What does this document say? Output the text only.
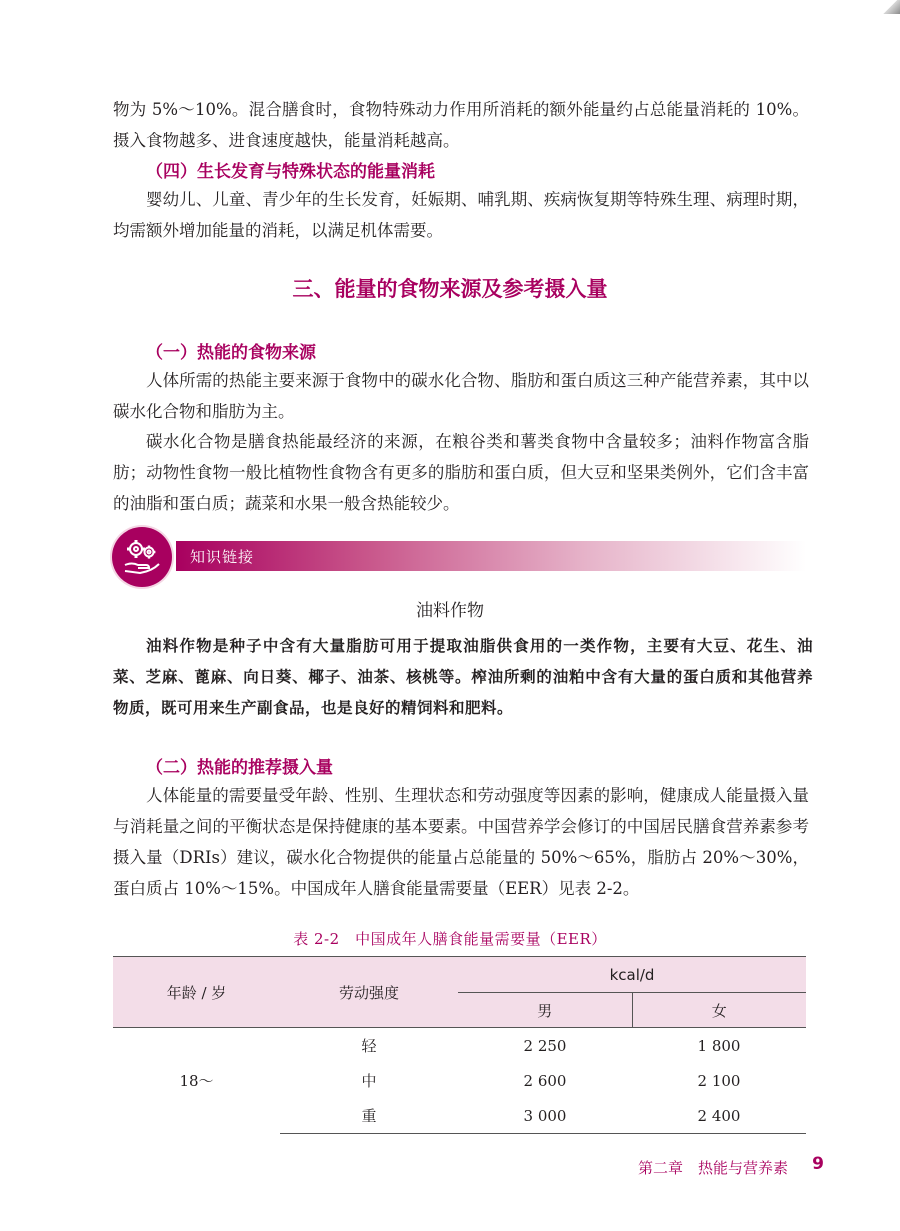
物为 5%～10%。混合膳食时，食物特殊动力作用所消耗的额外能量约占总能量消耗的 10%。摄入食物越多、进食速度越快，能量消耗越高。

（四）生长发育与特殊状态的能量消耗

婴幼儿、儿童、青少年的生长发育，妊娠期、哺乳期、疾病恢复期等特殊生理、病理时期，均需额外增加能量的消耗，以满足机体需要。

三、能量的食物来源及参考摄入量

（一）热能的食物来源

人体所需的热能主要来源于食物中的碳水化合物、脂肪和蛋白质这三种产能营养素，其中以碳水化合物和脂肪为主。

碳水化合物是膳食热能最经济的来源，在粮谷类和薯类食物中含量较多；油料作物富含脂肪；动物性食物一般比植物性食物含有更多的脂肪和蛋白质，但大豆和坚果类例外，它们含丰富的油脂和蛋白质；蔬菜和水果一般含热能较少。

知识链接

油料作物

油料作物是种子中含有大量脂肪可用于提取油脂供食用的一类作物，主要有大豆、花生、油菜、芝麻、蓖麻、向日葵、椰子、油茶、核桃等。榨油所剩的油粕中含有大量的蛋白质和其他营养物质，既可用来生产副食品，也是良好的精饲料和肥料。

（二）热能的推荐摄入量

人体能量的需要量受年龄、性别、生理状态和劳动强度等因素的影响，健康成人能量摄入量与消耗量之间的平衡状态是保持健康的基本要素。中国营养学会修订的中国居民膳食营养素参考摄入量（DRIs）建议，碳水化合物提供的能量占总能量的 50%～65%，脂肪占 20%～30%，蛋白质占 10%～15%。中国成年人膳食能量需要量（EER）见表 2-2。

表 2-2　中国成年人膳食能量需要量（EER）

年龄 / 岁	劳动强度	kcal/d	
		男	女
18～	轻	2 250	1 800
	中	2 600	2 100
	重	3 000	2 400
第二章　热能与营养素 9
